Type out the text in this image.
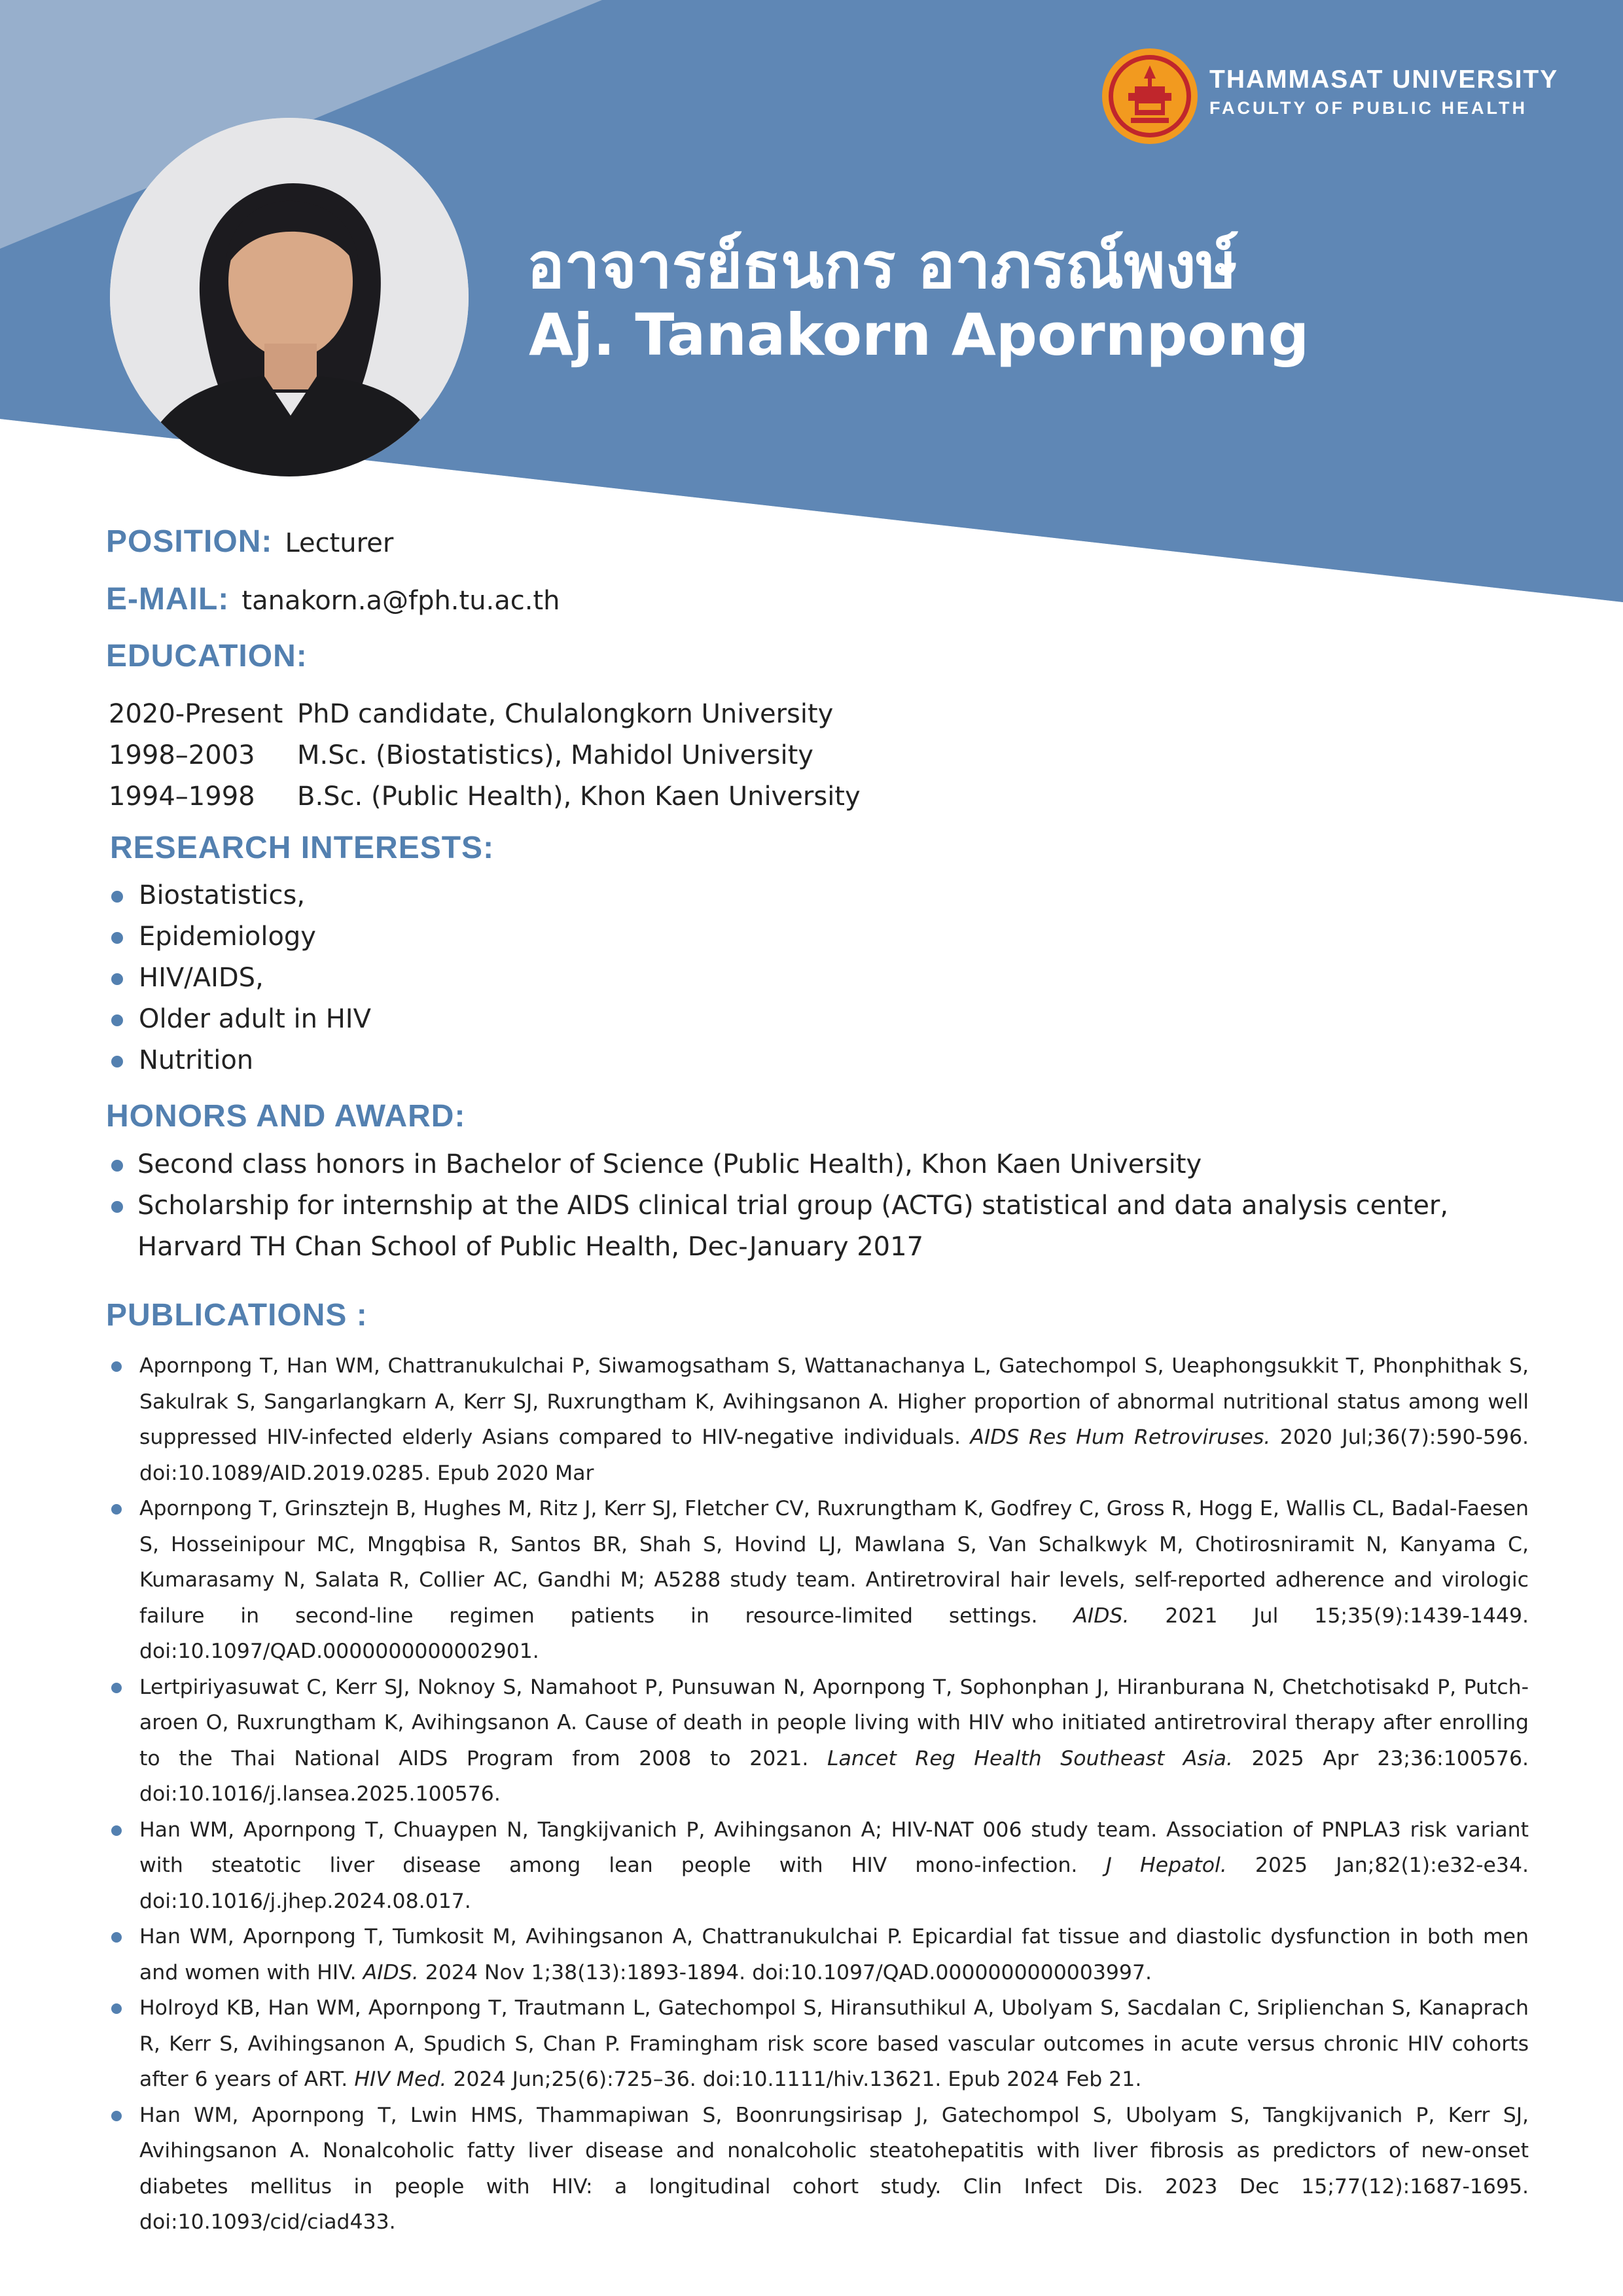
THAMMASAT UNIVERSITY
FACULTY OF PUBLIC HEALTH
อาจารย์ธนกร อาภรณ์พงษ์
Aj. Tanakorn Apornpong
POSITION: Lecturer
E-MAIL: tanakorn.a@fph.tu.ac.th
EDUCATION:
2020-Present PhD candidate, Chulalongkorn University
1998–2003 M.Sc. (Biostatistics), Mahidol University
1994–1998 B.Sc. (Public Health), Khon Kaen University
RESEARCH INTERESTS:
Biostatistics,
Epidemiology
HIV/AIDS,
Older adult in HIV
Nutrition
HONORS AND AWARD:
Second class honors in Bachelor of Science (Public Health), Khon Kaen University
Scholarship for internship at the AIDS clinical trial group (ACTG) statistical and data analysis center,
Harvard TH Chan School of Public Health, Dec-January 2017
PUBLICATIONS :
Apornpong T, Han WM, Chattranukulchai P, Siwamogsatham S, Wattanachanya L, Gatechompol S, Ueaphongsukkit T, Phonphithak S, Sakulrak S, Sangarlangkarn A, Kerr SJ, Ruxrungtham K, Avihingsanon A. Higher proportion of abnormal nutritional status among well suppressed HIV-infected elderly Asians compared to HIV-negative individuals. AIDS Res Hum Retroviruses. 2020 Jul;36(7):590-596. doi:10.1089/AID.2019.0285. Epub 2020 Mar
Apornpong T, Grinsztejn B, Hughes M, Ritz J, Kerr SJ, Fletcher CV, Ruxrungtham K, Godfrey C, Gross R, Hogg E, Wallis CL, Badal-Faesen S, Hosseinipour MC, Mngqbisa R, Santos BR, Shah S, Hovind LJ, Mawlana S, Van Schalkwyk M, Chotirosniramit N, Kanyama C, Kumarasamy N, Salata R, Collier AC, Gandhi M; A5288 study team. Antiretroviral hair levels, self-reported adherence and virologic failure in second-line regimen patients in resource-limited settings. AIDS. 2021 Jul 15;35(9):1439-1449. doi:10.1097/QAD.0000000000002901.
Lertpiriyasuwat C, Kerr SJ, Noknoy S, Namahoot P, Punsuwan N, Apornpong T, Sophonphan J, Hiranburana N, Chetchotisakd P, Putch-aroen O, Ruxrungtham K, Avihingsanon A. Cause of death in people living with HIV who initiated antiretroviral therapy after enrolling to the Thai National AIDS Program from 2008 to 2021. Lancet Reg Health Southeast Asia. 2025 Apr 23;36:100576. doi:10.1016/j.lansea.2025.100576.
Han WM, Apornpong T, Chuaypen N, Tangkijvanich P, Avihingsanon A; HIV-NAT 006 study team. Association of PNPLA3 risk variant with steatotic liver disease among lean people with HIV mono-infection. J Hepatol. 2025 Jan;82(1):e32-e34. doi:10.1016/j.jhep.2024.08.017.
Han WM, Apornpong T, Tumkosit M, Avihingsanon A, Chattranukulchai P. Epicardial fat tissue and diastolic dysfunction in both men and women with HIV. AIDS. 2024 Nov 1;38(13):1893-1894. doi:10.1097/QAD.0000000000003997.
Holroyd KB, Han WM, Apornpong T, Trautmann L, Gatechompol S, Hiransuthikul A, Ubolyam S, Sacdalan C, Sriplienchan S, Kanaprach R, Kerr S, Avihingsanon A, Spudich S, Chan P. Framingham risk score based vascular outcomes in acute versus chronic HIV cohorts after 6 years of ART. HIV Med. 2024 Jun;25(6):725–36. doi:10.1111/hiv.13621. Epub 2024 Feb 21.
Han WM, Apornpong T, Lwin HMS, Thammapiwan S, Boonrungsirisap J, Gatechompol S, Ubolyam S, Tangkijvanich P, Kerr SJ, Avihingsanon A. Nonalcoholic fatty liver disease and nonalcoholic steatohepatitis with liver fibrosis as predictors of new-onset diabetes mellitus in people with HIV: a longitudinal cohort study. Clin Infect Dis. 2023 Dec 15;77(12):1687-1695. doi:10.1093/cid/ciad433.
